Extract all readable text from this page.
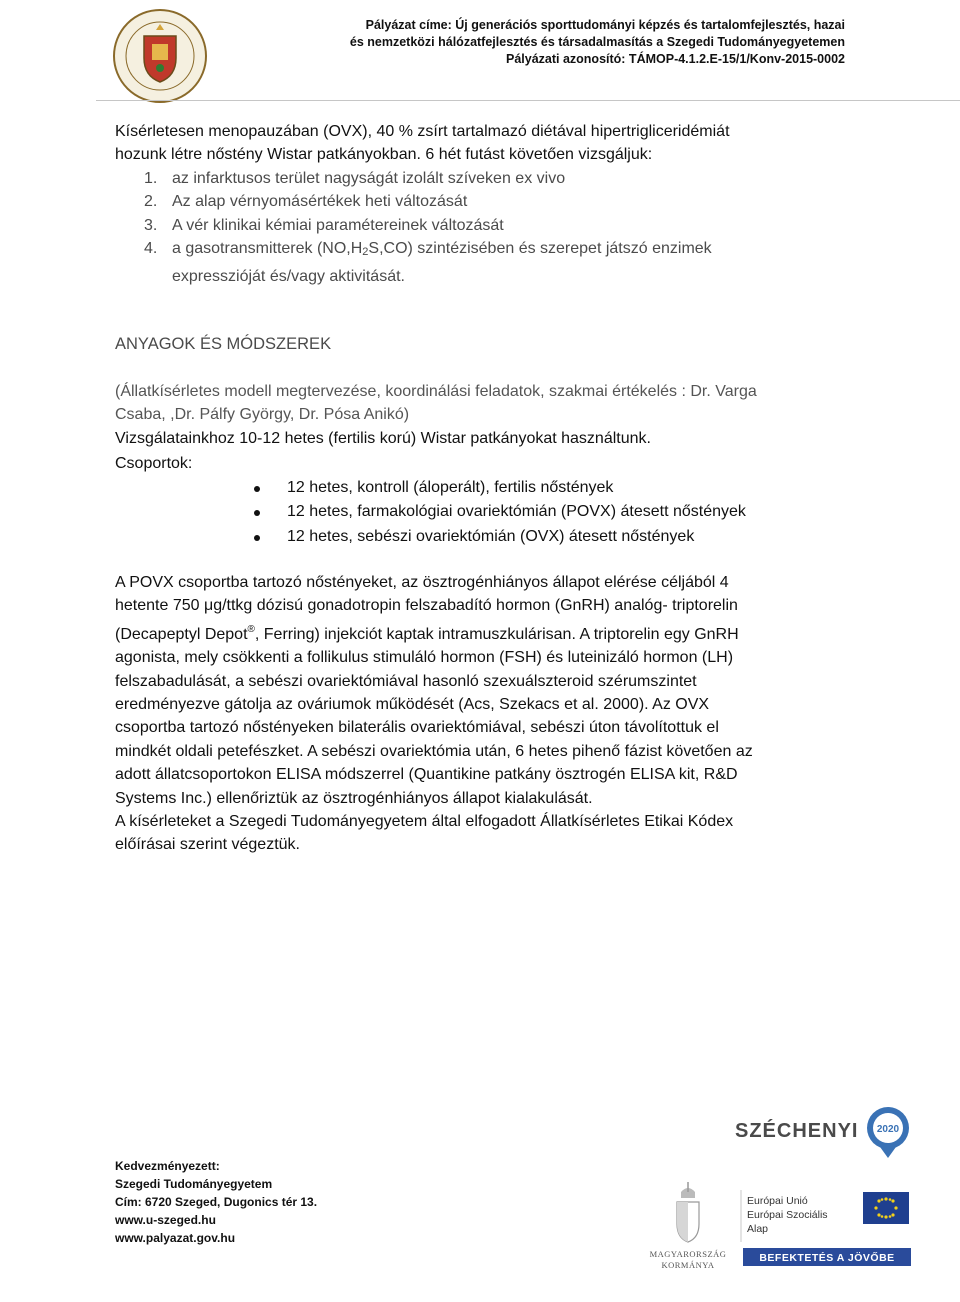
Pályázat címe: Új generációs sporttudományi képzés és tartalomfejlesztés, hazai
és nemzetközi hálózatfejlesztés és társadalmasítás a Szegedi Tudományegyetemen
Pályázati azonosító: TÁMOP-4.1.2.E-15/1/Konv-2015-0002
Kísérletesen menopauzában (OVX), 40 % zsírt tartalmazó diétával hipertrigliceridémiát
hozunk létre nőstény Wistar patkányokban. 6 hét futást követően vizsgáljuk:
1. az infarktusos terület nagyságát izolált szíveken ex vivo
2. Az alap vérnyomásértékek heti változását
3. A vér klinikai kémiai paramétereinek változását
4. a gasotransmitterek (NO,H2S,CO) szintézisében és szerepet játszó enzimek
expresszióját és/vagy aktivitását.
ANYAGOK ÉS MÓDSZEREK
(Állatkísérletes modell megtervezése, koordinálási feladatok, szakmai értékelés : Dr. Varga
Csaba, ,Dr. Pálfy György, Dr. Pósa Anikó)
Vizsgálatainkhoz 10-12 hetes (fertilis korú) Wistar patkányokat használtunk.
Csoportok:
12 hetes, kontroll (áloperált), fertilis nőstények
12 hetes, farmakológiai ovariektómián (POVX) átesett nőstények
12 hetes, sebészi ovariektómián (OVX) átesett nőstények
A POVX csoportba tartozó nőstényeket, az ösztrogénhiányos állapot elérése céljából 4
hetente 750 μg/ttkg dózisú gonadotropin felszabadító hormon (GnRH) analóg- triptorelin
(Decapeptyl Depot®, Ferring) injekciót kaptak intramuszkulárisan. A triptorelin egy GnRH
agonista, mely csökkenti a follikulus stimuláló hormon (FSH) és luteinizáló hormon (LH)
felszabadulását, a sebészi ovariektómiával hasonló szexuálszteroid szérumszintet
eredményezve gátolja az ováriumok működését (Acs, Szekacs et al. 2000). Az OVX
csoportba tartozó nőstényeken bilaterális ovariektómiával, sebészi úton távolítottuk el
mindkét oldali petefészket. A sebészi ovariektómia után, 6 hetes pihenő fázist követően az
adott állatcsoportokon ELISA módszerrel (Quantikine patkány ösztrogén ELISA kit, R&D
Systems Inc.) ellenőriztük az ösztrogénhiányos állapot kialakulását.
A kísérleteket a Szegedi Tudományegyetem által elfogadott Állatkísérletes Etikai Kódex
előírásai szerint végeztük.
Kedvezményezett:
Szegedi Tudományegyetem
Cím: 6720 Szeged, Dugonics tér 13.
www.u-szeged.hu
www.palyazat.gov.hu
SZÉCHENYI 2020
MAGYARORSZÁG
KORMÁNYA
Európai Unió
Európai Szociális
Alap
BEFEKTETÉS A JÖVŐBE
